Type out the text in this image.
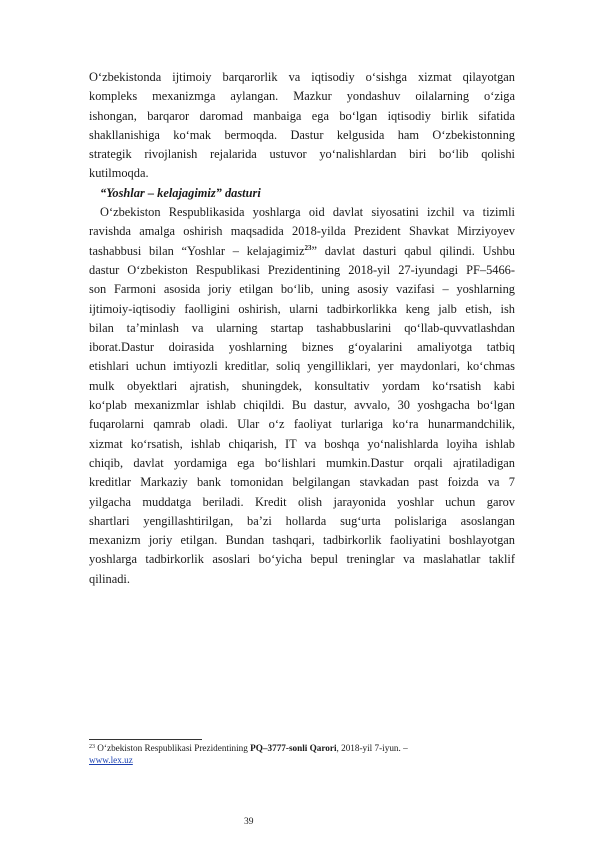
O‘zbekistonda ijtimoiy barqarorlik va iqtisodiy o‘sishga xizmat qilayotgan

kompleks mexanizmga aylangan. Mazkur yondashuv oilalarning o‘ziga

ishongan, barqaror daromad manbaiga ega bo‘lgan iqtisodiy birlik sifatida

shakllanishiga ko‘mak bermoqda. Dastur kelgusida ham O‘zbekistonning

strategik rivojlanish rejalarida ustuvor yo‘nalishlardan biri bo‘lib qolishi

kutilmoqda.

“Yoshlar – kelajagimiz” dasturi

O‘zbekiston Respublikasida yoshlarga oid davlat siyosatini izchil va tizimli

ravishda amalga oshirish maqsadida 2018-yilda Prezident Shavkat Mirziyoyev

tashabbusi bilan “Yoshlar – kelajagimiz$^{23}$” davlat dasturi qabul qilindi. Ushbu

dastur O‘zbekiston Respublikasi Prezidentining 2018-yil 27-iyundagi PF–5466-

son Farmoni asosida joriy etilgan bo‘lib, uning asosiy vazifasi – yoshlarning

ijtimoiy-iqtisodiy faolligini oshirish, ularni tadbirkorlikka keng jalb etish, ish

bilan ta’minlash va ularning startap tashabbuslarini qo‘llab-quvvatlashdan

iborat.Dastur doirasida yoshlarning biznes g‘oyalarini amaliyotga tatbiq

etishlari uchun imtiyozli kreditlar, soliq yengilliklari, yer maydonlari, ko‘chmas

mulk obyektlari ajratish, shuningdek, konsultativ yordam ko‘rsatish kabi

ko‘plab mexanizmlar ishlab chiqildi. Bu dastur, avvalo, 30 yoshgacha bo‘lgan

fuqarolarni qamrab oladi. Ular o‘z faoliyat turlariga ko‘ra hunarmandchilik,

xizmat ko‘rsatish, ishlab chiqarish, IT va boshqa yo‘nalishlarda loyiha ishlab

chiqib, davlat yordamiga ega bo‘lishlari mumkin.Dastur orqali ajratiladigan

kreditlar Markaziy bank tomonidan belgilangan stavkadan past foizda va 7

yilgacha muddatga beriladi. Kredit olish jarayonida yoshlar uchun garov

shartlari yengillashtirilgan, ba’zi hollarda sug‘urta polislariga asoslangan

mexanizm joriy etilgan. Bundan tashqari, tadbirkorlik faoliyatini boshlayotgan

yoshlarga tadbirkorlik asoslari bo‘yicha bepul treninglar va maslahatlar taklif

qilinadi.

$^{23}$ O‘zbekiston Respublikasi Prezidentining PQ–3777-sonli Qarori, 2018-yil 7-iyun. –
www.lex.uz
39
